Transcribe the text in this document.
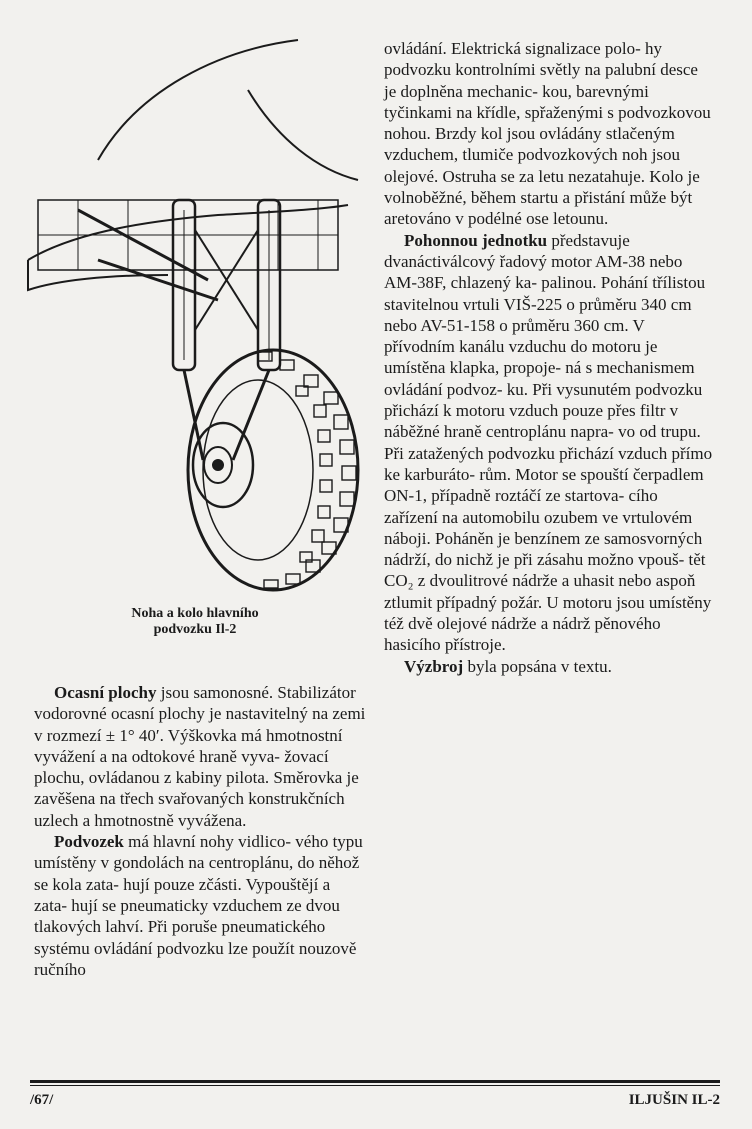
Noha a kolo hlavního
podvozku Il-2

Ocasní plochy jsou samonosné. Stabilizátor vodorovné ocasní plochy je nastavitelný na zemi v rozmezí ± 1° 40′. Výškovka má hmotnostní vyvážení a na odtokové hraně vyva- žovací plochu, ovládanou z kabiny pilota. Směrovka je zavěšena na třech svařovaných konstrukčních uzlech a hmotnostně vyvážena.

Podvozek má hlavní nohy vidlico- vého typu umístěny v gondolách na centroplánu, do něhož se kola zata- hují pouze zčásti. Vypouštějí a zata- hují se pneumaticky vzduchem ze dvou tlakových lahví. Při poruše pneumatického systému ovládání podvozku lze použít nouzově ručního

ovládání. Elektrická signalizace polo- hy podvozku kontrolními světly na palubní desce je doplněna mechanic- kou, barevnými tyčinkami na křídle, spřaženými s podvozkovou nohou. Brzdy kol jsou ovládány stlačeným vzduchem, tlumiče podvozkových noh jsou olejové. Ostruha se za letu nezatahuje. Kolo je volnoběžné, během startu a přistání může být aretováno v podélné ose letounu.

Pohonnou jednotku představuje dvanáctiválcový řadový motor AM-38 nebo AM-38F, chlazený ka- palinou. Pohání třílistou stavitelnou vrtuli VIŠ-225 o průměru 340 cm nebo AV-51-158 o průměru 360 cm. V přívodním kanálu vzduchu do motoru je umístěna klapka, propoje- ná s mechanismem ovládání podvoz- ku. Při vysunutém podvozku přichází k motoru vzduch pouze přes filtr v náběžné hraně centroplánu naprа- vo od trupu. Při zatažených podvozku přichází vzduch přímo ke karburáto- rům. Motor se spouští čerpadlem ON-1, případně roztáčí ze startova- cího zařízení na automobilu ozubem ve vrtulovém náboji. Poháněn je benzínem ze samosvorných nádrží, do nichž je při zásahu možno vpouš- tět CO₂ z dvoulitrové nádrže a uhasit nebo aspoň ztlumit případný požár. U motoru jsou umístěny též dvě olejové nádrže a nádrž pěnového hasicího přístroje.

Výzbroj byla popsána v textu.

/67/	ILJUŠIN IL-2
